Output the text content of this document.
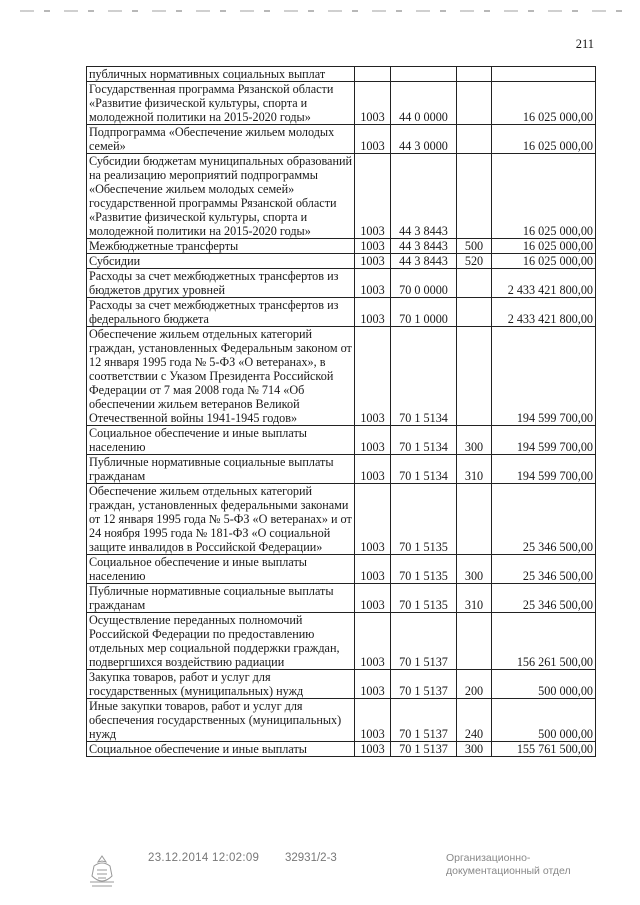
211
публичных нормативных социальных выплат				
Государственная программа Рязанской области «Развитие физической культуры, спорта и молодежной политики на 2015-2020 годы»	1003	44 0 0000		16 025 000,00
Подпрограмма «Обеспечение жильем молодых семей»	1003	44 3 0000		16 025 000,00
Субсидии бюджетам муниципальных образований на реализацию мероприятий подпрограммы «Обеспечение жильем молодых семей» государственной программы Рязанской области «Развитие физической культуры, спорта и молодежной политики на 2015-2020 годы»	1003	44 3 8443		16 025 000,00
Межбюджетные трансферты	1003	44 3 8443	500	16 025 000,00
Субсидии	1003	44 3 8443	520	16 025 000,00
Расходы за счет межбюджетных трансфертов из бюджетов других уровней	1003	70 0 0000		2 433 421 800,00
Расходы за счет межбюджетных трансфертов из федерального бюджета	1003	70 1 0000		2 433 421 800,00
Обеспечение жильем отдельных категорий граждан, установленных Федеральным законом от 12 января 1995 года № 5-ФЗ «О ветеранах», в соответствии с Указом Президента Российской Федерации от 7 мая 2008 года № 714 «Об обеспечении жильем ветеранов Великой Отечественной войны 1941-1945 годов»	1003	70 1 5134		194 599 700,00
Социальное обеспечение и иные выплаты населению	1003	70 1 5134	300	194 599 700,00
Публичные нормативные социальные выплаты гражданам	1003	70 1 5134	310	194 599 700,00
Обеспечение жильем отдельных категорий граждан, установленных федеральными законами от 12 января 1995 года № 5-ФЗ «О ветеранах» и от 24 ноября 1995 года № 181-ФЗ «О социальной защите инвалидов в Российской Федерации»	1003	70 1 5135		25 346 500,00
Социальное обеспечение и иные выплаты населению	1003	70 1 5135	300	25 346 500,00
Публичные нормативные социальные выплаты гражданам	1003	70 1 5135	310	25 346 500,00
Осуществление переданных полномочий Российской Федерации по предоставлению отдельных мер социальной поддержки граждан, подвергшихся воздействию радиации	1003	70 1 5137		156 261 500,00
Закупка товаров, работ и услуг для государственных (муниципальных) нужд	1003	70 1 5137	200	500 000,00
Иные закупки товаров, работ и услуг для обеспечения государственных (муниципальных) нужд	1003	70 1 5137	240	500 000,00
Социальное обеспечение и иные выплаты	1003	70 1 5137	300	155 761 500,00
23.12.2014 12:02:09 32931/2-3	Организационно-
документационный отдел
